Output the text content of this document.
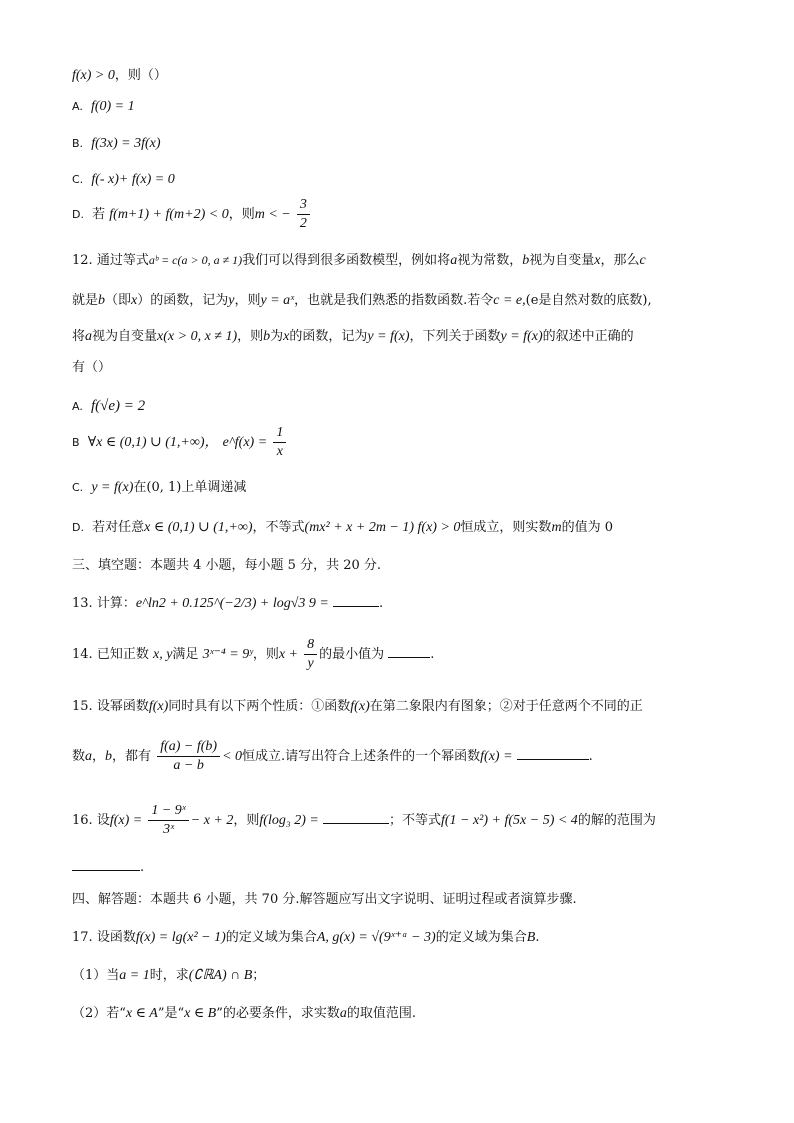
f(x) > 0，则（）
A. f(0) = 1
B. f(3x) = 3f(x)
C. f(- x)+ f(x) = 0
D. 若 f(m+1) + f(m+2) < 0，则m < − $\frac{3}{2}$
12. 通过等式aᵇ = c(a > 0, a ≠ 1)我们可以得到很多函数模型，例如将a视为常数，b视为自变量x，那么c
就是b（即x）的函数，记为y，则y = aˣ，也就是我们熟悉的指数函数.若令c = e,(e是自然对数的底数),
将a视为自变量x(x > 0, x ≠ 1)，则b为x的函数，记为y = f(x)，下列关于函数y = f(x)的叙述中正确的
有（）
A. f(√e) = 2
B ∀x ∈ (0,1) ∪ (1,+∞)， e^f(x) = $\frac{1}{x}$
C. y = f(x)在(0, 1)上单调递减
D. 若对任意x ∈ (0,1) ∪ (1,+∞)，不等式(mx² + x + 2m − 1) f(x) > 0恒成立，则实数m的值为 0
三、填空题：本题共 4 小题，每小题 5 分，共 20 分.
13. 计算：e^ln2 + 0.125^(−2/3) + log√3 9 =	.
14. 已知正数 x, y满足 3ˣ⁻⁴ = 9ʸ，则$x + \frac{8}{y}$ 的最小值为	.
15. 设幂函数f(x)同时具有以下两个性质：①函数f(x)在第二象限内有图象；②对于任意两个不同的正
数a，b，都有 $\frac{f(a) - f(b)}{a - b} < 0$恒成立.请写出符合上述条件的一个幂函数f(x) =	.
16. 设$f(x) = \frac{\text{1 − 9ˣ}}{\text{3ˣ}} - x + 2$，则f(log₃ 2) =	；不等式f(1 − x²) + f(5x − 5) < 4的解的范围为
.
四、解答题：本题共 6 小题，共 70 分.解答题应写出文字说明、证明过程或者演算步骤.
17. 设函数f(x) = lg(x² − 1)的定义域为集合A, g(x) = √(9ˣ⁺ᵃ − 3)的定义域为集合B.
（1）当a = 1时，求(∁ℝA) ∩ B；
（2）若“x ∈ A”是“x ∈ B”的必要条件，求实数a的取值范围.
